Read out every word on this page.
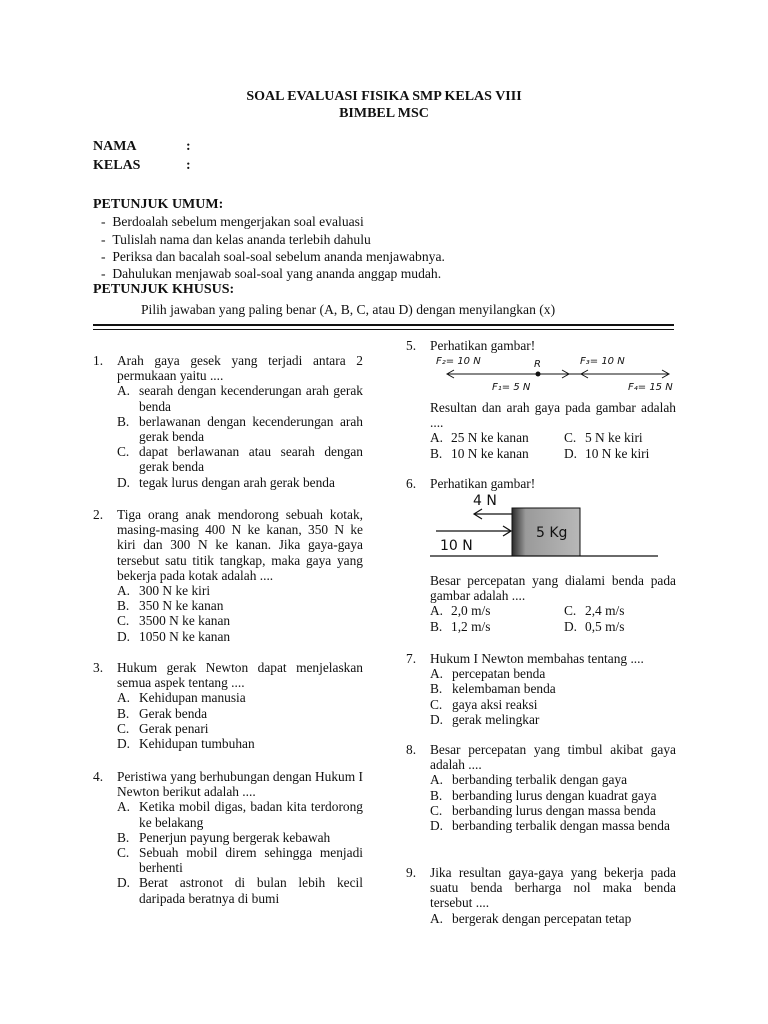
SOAL EVALUASI FISIKA SMP KELAS VIII
BIMBEL MSC
NAMA	:
KELAS	:
PETUNJUK UMUM:
- Berdoalah sebelum mengerjakan soal evaluasi
- Tulislah nama dan kelas ananda terlebih dahulu
- Periksa dan bacalah soal-soal sebelum ananda menjawabnya.
- Dahulukan menjawab soal-soal yang ananda anggap mudah.
PETUNJUK KHUSUS:
Pilih jawaban yang paling benar (A, B, C, atau D) dengan menyilangkan (x)
1.	Arah gaya gesek yang terjadi antara 2 permukaan yaitu ....
A. searah dengan kecenderungan arah gerak benda
B. berlawanan dengan kecenderungan arah gerak benda
C. dapat berlawanan atau searah dengan gerak benda
D. tegak lurus dengan arah gerak benda
2.	Tiga orang anak mendorong sebuah kotak, masing-masing 400 N ke kanan, 350 N ke kiri dan 300 N ke kanan. Jika gaya-gaya tersebut satu titik tangkap, maka gaya yang bekerja pada kotak adalah ....
A. 300 N ke kiri
B. 350 N ke kanan
C. 3500 N ke kanan
D. 1050 N ke kanan
3.	Hukum gerak Newton dapat menjelaskan semua aspek tentang ....
A. Kehidupan manusia
B. Gerak benda
C. Gerak penari
D. Kehidupan tumbuhan
4.	Peristiwa yang berhubungan dengan Hukum I Newton berikut adalah ....
A. Ketika mobil digas, badan kita terdorong ke belakang
B. Penerjun payung bergerak kebawah
C. Sebuah mobil direm sehingga menjadi berhenti
D. Berat astronot di bulan lebih kecil daripada beratnya di bumi
5.	Perhatikan gambar!
F₂= 10 N	R	F₃= 10 N
F₁= 5 N	F₄= 15 N
Resultan dan arah gaya pada gambar adalah ....
A. 25 N ke kanan	C. 5 N ke kiri
B. 10 N ke kanan	D. 10 N ke kiri
6.	Perhatikan gambar!
4 N
10 N
5 Kg
Besar percepatan yang dialami benda pada gambar adalah ....
A. 2,0 m/s	C. 2,4 m/s
B. 1,2 m/s	D. 0,5 m/s
7.	Hukum I Newton membahas tentang ....
A. percepatan benda
B. kelembaman benda
C. gaya aksi reaksi
D. gerak melingkar
8.	Besar percepatan yang timbul akibat gaya adalah ....
A. berbanding terbalik dengan gaya
B. berbanding lurus dengan kuadrat gaya
C. berbanding lurus dengan massa benda
D. berbanding terbalik dengan massa benda
9.	Jika resultan gaya-gaya yang bekerja pada suatu benda berharga nol maka benda tersebut ....
A. bergerak dengan percepatan tetap
